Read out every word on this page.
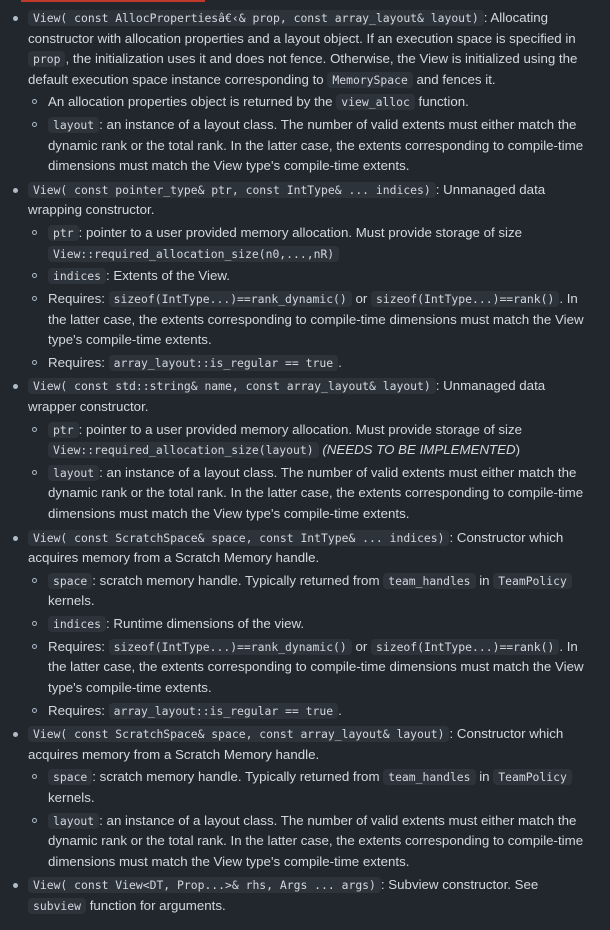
View( const AllocPropertiesâ€‹& prop, const array_layout& layout) : Allocating constructor with allocation properties and a layout object. If an execution space is specified in prop , the initialization uses it and does not fence. Otherwise, the View is initialized using the default execution space instance corresponding to MemorySpace and fences it.
An allocation properties object is returned by the view_alloc function.
layout : an instance of a layout class. The number of valid extents must either match the dynamic rank or the total rank. In the latter case, the extents corresponding to compile-time dimensions must match the View type's compile-time extents.
View( const pointer_type& ptr, const IntType& ... indices) : Unmanaged data wrapping constructor.
ptr : pointer to a user provided memory allocation. Must provide storage of size View::required_allocation_size(n0,...,nR)
indices : Extents of the View.
Requires: sizeof(IntType...)==rank_dynamic() or sizeof(IntType...)==rank() . In the latter case, the extents corresponding to compile-time dimensions must match the View type's compile-time extents.
Requires: array_layout::is_regular == true .
View( const std::string& name, const array_layout& layout) : Unmanaged data wrapper constructor.
ptr : pointer to a user provided memory allocation. Must provide storage of size View::required_allocation_size(layout) (NEEDS TO BE IMPLEMENTED)
layout : an instance of a layout class. The number of valid extents must either match the dynamic rank or the total rank. In the latter case, the extents corresponding to compile-time dimensions must match the View type's compile-time extents.
View( const ScratchSpace& space, const IntType& ... indices) : Constructor which acquires memory from a Scratch Memory handle.
space : scratch memory handle. Typically returned from team_handles in TeamPolicy kernels.
indices : Runtime dimensions of the view.
Requires: sizeof(IntType...)==rank_dynamic() or sizeof(IntType...)==rank() . In the latter case, the extents corresponding to compile-time dimensions must match the View type's compile-time extents.
Requires: array_layout::is_regular == true .
View( const ScratchSpace& space, const array_layout& layout) : Constructor which acquires memory from a Scratch Memory handle.
space : scratch memory handle. Typically returned from team_handles in TeamPolicy kernels.
layout : an instance of a layout class. The number of valid extents must either match the dynamic rank or the total rank. In the latter case, the extents corresponding to compile-time dimensions must match the View type's compile-time extents.
View( const View<DT, Prop...>& rhs, Args ... args) : Subview constructor. See subview function for arguments.
